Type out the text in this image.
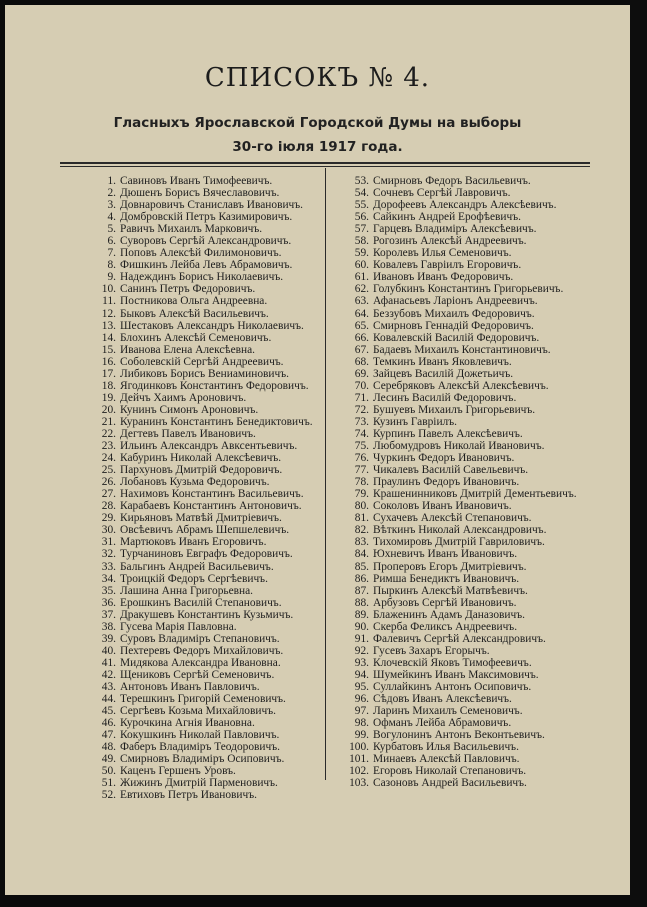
СПИСОКЪ № 4.
Гласныхъ Ярославской Городской Думы на выборы
30-го іюля 1917 года.
1. Савиновъ Иванъ Тимофеевичъ.
2. Дюшенъ Борисъ Вячеславовичъ.
3. Довнаровичъ Станиславъ Ивановичъ.
4. Домбровскій Петръ Казимировичъ.
5. Равичъ Михаилъ Марковичъ.
6. Суворовъ Сергѣй Александровичъ.
7. Поповъ Алексѣй Филимоновичъ.
8. Фишкинъ Лейба Левъ Абрамовичъ.
9. Надеждинъ Борисъ Николаевичъ.
10. Санинъ Петръ Федоровичъ.
11. Постникова Ольга Андреевна.
12. Быковъ Алексѣй Васильевичъ.
13. Шестаковъ Александръ Николаевичъ.
14. Блохинъ Алексѣй Семеновичъ.
15. Иванова Елена Алексѣевна.
16. Соболевскій Сергѣй Андреевичъ.
17. Либиковъ Борисъ Вениаминовичъ.
18. Ягодинковъ Константинъ Федоровичъ.
19. Дейчъ Хаимъ Ароновичъ.
20. Кунинъ Симонъ Ароновичъ.
21. Куранинъ Константинъ Бенедиктовичъ.
22. Дегтевъ Павелъ Ивановичъ.
23. Ильинъ Александръ Авксентьевичъ.
24. Кабуринъ Николай Алексѣевичъ.
25. Пархуновъ Дмитрій Федоровичъ.
26. Лобановъ Кузьма Федоровичъ.
27. Нахимовъ Константинъ Васильевичъ.
28. Карабаевъ Константинъ Антоновичъ.
29. Кирьяновъ Матвѣй Дмитріевичъ.
30. Овсѣевичъ Абрамъ Шепшелевичъ.
31. Мартюковъ Иванъ Егоровичъ.
32. Турчаниновъ Евграфъ Федоровичъ.
33. Бальгинъ Андрей Васильевичъ.
34. Троицкій Федоръ Сергѣевичъ.
35. Лашина Анна Григорьевна.
36. Ерошкинъ Василій Степановичъ.
37. Дракушевъ Константинъ Кузьмичъ.
38. Гусева Марія Павловна.
39. Суровъ Владиміръ Степановичъ.
40. Пехтеревъ Федоръ Михайловичъ.
41. Мидякова Александра Ивановна.
42. Щениковъ Сергѣй Семеновичъ.
43. Антоновъ Иванъ Павловичъ.
44. Терешкинъ Григорій Семеновичъ.
45. Сергѣевъ Козьма Михайловичъ.
46. Курочкина Агнія Ивановна.
47. Кокушкинъ Николай Павловичъ.
48. Фаберъ Владиміръ Теодоровичъ.
49. Смирновъ Владиміръ Осиповичъ.
50. Каценъ Гершенъ Уровъ.
51. Жижинъ Дмитрій Парменовичъ.
52. Евтиховъ Петръ Ивановичъ.
53. Смирновъ Федоръ Васильевичъ.
54. Сочневъ Сергѣй Лавровичъ.
55. Дорофеевъ Александръ Алексѣевичъ.
56. Сайкинъ Андрей Ерофѣевичъ.
57. Гарцевъ Владиміръ Алексѣевичъ.
58. Рогозинъ Алексѣй Андреевичъ.
59. Королевъ Илья Семеновичъ.
60. Ковалевъ Гавріилъ Егоровичъ.
61. Ивановъ Иванъ Федоровичъ.
62. Голубкинъ Константинъ Григорьевичъ.
63. Афанасьевъ Ларіонъ Андреевичъ.
64. Беззубовъ Михаилъ Федоровичъ.
65. Смирновъ Геннадій Федоровичъ.
66. Ковалевскій Василій Федоровичъ.
67. Бадаевъ Михаилъ Константиновичъ.
68. Темкинъ Иванъ Яковлевичъ.
69. Зайцевъ Василій Дожетьичъ.
70. Серебряковъ Алексѣй Алексѣевичъ.
71. Лесинъ Василій Федоровичъ.
72. Бушуевъ Михаилъ Григорьевичъ.
73. Кузинъ Гавріилъ.
74. Курпинъ Павелъ Алексѣевичъ.
75. Любомудровъ Николай Ивановичъ.
76. Чуркинъ Федоръ Ивановичъ.
77. Чикалевъ Василій Савельевичъ.
78. Праулинъ Федоръ Ивановичъ.
79. Крашенинниковъ Дмитрій Дементьевичъ.
80. Соколовъ Иванъ Ивановичъ.
81. Сухачевъ Алексѣй Степановичъ.
82. Вѣткинъ Николай Александровичъ.
83. Тихомировъ Дмитрій Гавриловичъ.
84. Юхневичъ Иванъ Ивановичъ.
85. Проперовъ Егоръ Дмитріевичъ.
86. Римша Бенедиктъ Ивановичъ.
87. Пыркинъ Алексѣй Матвѣевичъ.
88. Арбузовъ Сергѣй Ивановичъ.
89. Блаженинъ Адамъ Даназовичъ.
90. Скерба Феликсъ Андреевичъ.
91. Фалевичъ Сергѣй Александровичъ.
92. Гусевъ Захаръ Егорычъ.
93. Клочевскій Яковъ Тимофеевичъ.
94. Шумейкинъ Иванъ Максимовичъ.
95. Суллайкинъ Антонъ Осиповичъ.
96. Сѣдовъ Иванъ Алексѣевичъ.
97. Ларинъ Михаилъ Семеновичъ.
98. Офманъ Лейба Абрамовичъ.
99. Вогулонинъ Антонъ Веконтьевичъ.
100. Курбатовъ Илья Васильевичъ.
101. Минаевъ Алексѣй Павловичъ.
102. Егоровъ Николай Степановичъ.
103. Сазоновъ Андрей Васильевичъ.
